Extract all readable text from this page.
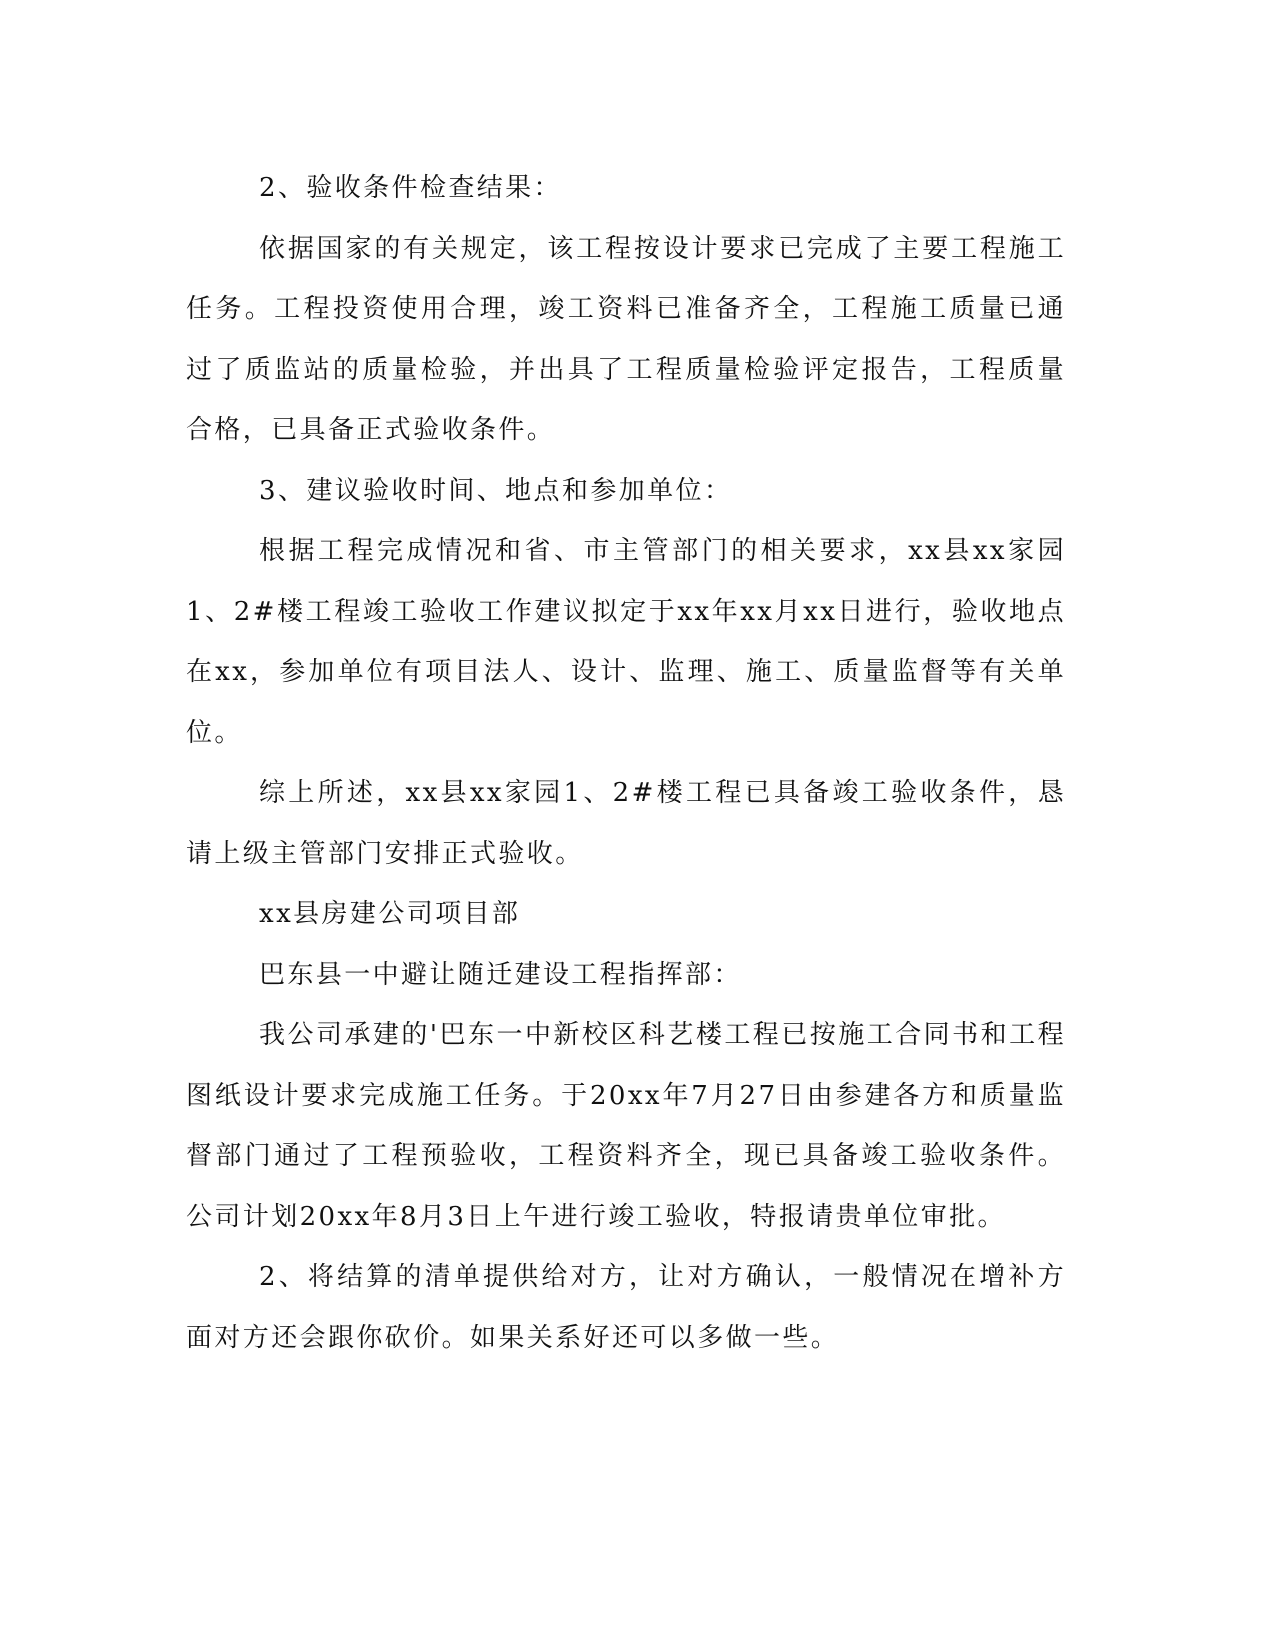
2、验收条件检查结果：

依据国家的有关规定，该工程按设计要求已完成了主要工程施工任务。工程投资使用合理，竣工资料已准备齐全，工程施工质量已通过了质监站的质量检验，并出具了工程质量检验评定报告，工程质量合格，已具备正式验收条件。

3、建议验收时间、地点和参加单位：

根据工程完成情况和省、市主管部门的相关要求，xx县xx家园1、2#楼工程竣工验收工作建议拟定于xx年xx月xx日进行，验收地点在xx，参加单位有项目法人、设计、监理、施工、质量监督等有关单位。

综上所述，xx县xx家园1、2#楼工程已具备竣工验收条件，恳请上级主管部门安排正式验收。

xx县房建公司项目部

巴东县一中避让随迁建设工程指挥部：

我公司承建的'巴东一中新校区科艺楼工程已按施工合同书和工程图纸设计要求完成施工任务。于20xx年7月27日由参建各方和质量监督部门通过了工程预验收，工程资料齐全，现已具备竣工验收条件。公司计划20xx年8月3日上午进行竣工验收，特报请贵单位审批。

2、将结算的清单提供给对方，让对方确认，一般情况在增补方面对方还会跟你砍价。如果关系好还可以多做一些。
